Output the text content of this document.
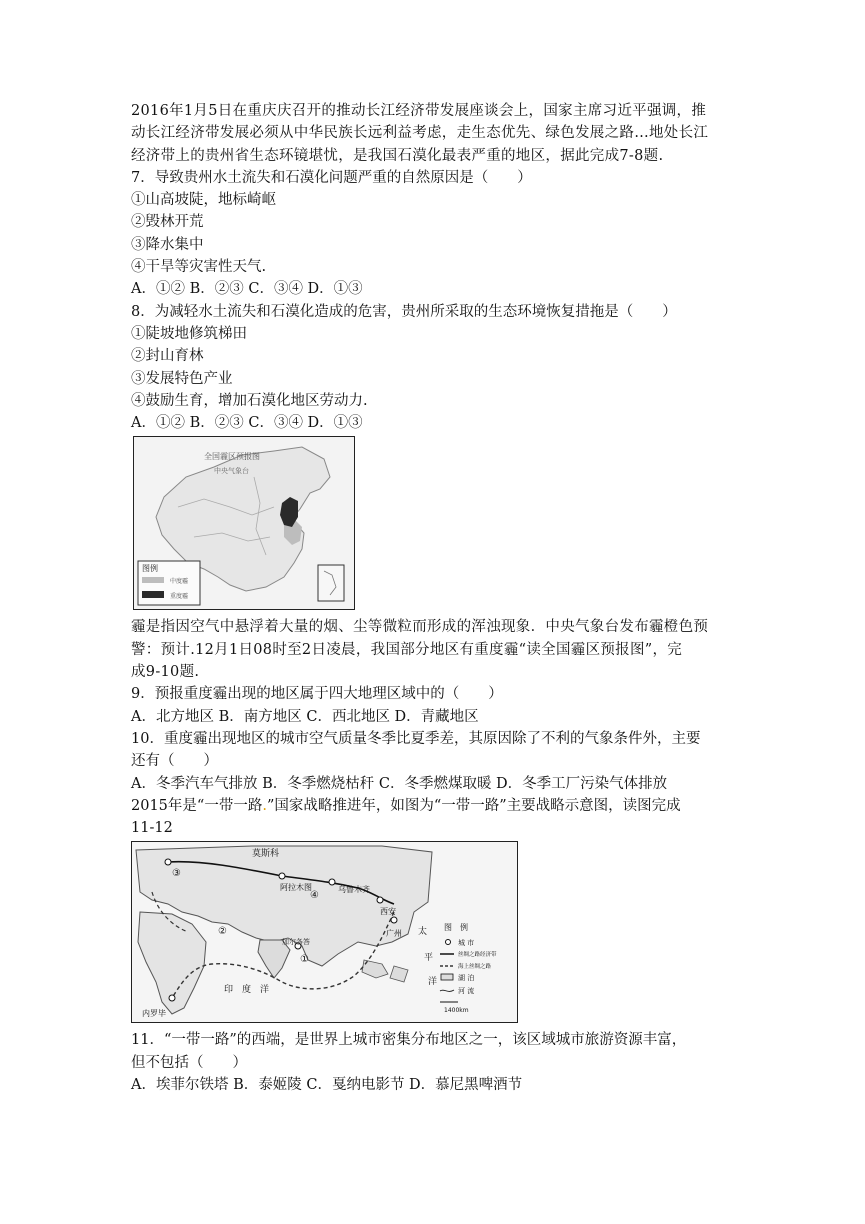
2016年1月5日在重庆庆召开的推动长江经济带发展座谈会上，国家主席习近平强调，推
动长江经济带发展必须从中华民族长远利益考虑，走生态优先、绿色发展之路…地处长江
经济带上的贵州省生态环镜堪忧，是我国石漠化最表严重的地区，据此完成7-8题.
7．导致贵州水土流失和石漠化问题严重的自然原因是（　　）
①山高坡陡，地标崎岖
②毁林开荒
③降水集中
④干旱等灾害性天气.
A．①② B．②③ C．③④ D．①③
8．为减轻水土流失和石漠化造成的危害，贵州所采取的生态环境恢复措拖是（　　）
①陡坡地修筑梯田
②封山育林
③发展特色产业
④鼓励生育，增加石漠化地区劳动力.
A．①② B．②③ C．③④ D．①③
全国霾区预报图
中央气象台
图例
中度霾
重度霾
霾是指因空气中悬浮着大量的烟、尘等微粒而形成的浑浊现象．中央气象台发布霾橙色预
警：预计.12月1日08时至2日凌晨，我国部分地区有重度霾“读全国霾区预报图”，完
成9-10题.
9．预报重度霾出现的地区属于四大地理区域中的（　　）
A．北方地区 B．南方地区 C．西北地区 D．青藏地区
10．重度霾出现地区的城市空气质量冬季比夏季差，其原因除了不利的气象条件外，主要
还有（　　）
A．冬季汽车气排放 B．冬季燃烧枯秆 C．冬季燃煤取暖 D．冬季工厂污染气体排放
2015年是“一带一路.”国家战略推进年，如图为“一带一路”主要战略示意图，读图完成
11-12
莫斯科
阿拉木图	乌鲁木齐
西安
广州
加尔各答
内罗毕
印　度　洋
太
平
洋
③
②
①
④
图　例
城 市
丝绸之路经济带
海上丝绸之路
湖 泊
河 流
1400km
11．“一带一路”的西端，是世界上城市密集分布地区之一，该区域城市旅游资源丰富，
但不包括（　　）
A．埃菲尔铁塔 B．泰姬陵 C．戛纳电影节 D．慕尼黑啤酒节
